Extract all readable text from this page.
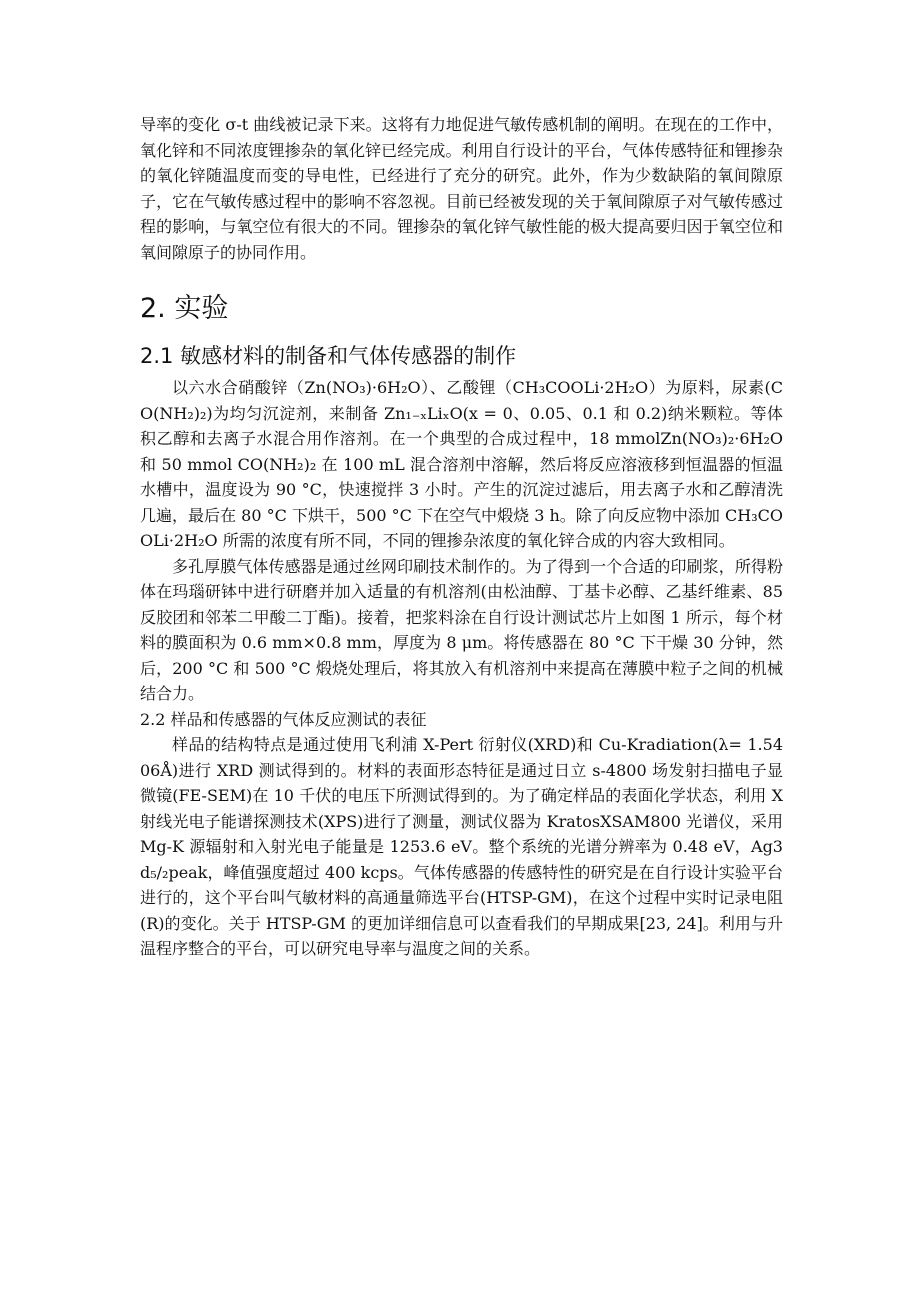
导率的变化 σ-t 曲线被记录下来。这将有力地促进气敏传感机制的阐明。在现在的工作中，氧化锌和不同浓度锂掺杂的氧化锌已经完成。利用自行设计的平台，气体传感特征和锂掺杂的氧化锌随温度而变的导电性，已经进行了充分的研究。此外，作为少数缺陷的氧间隙原子，它在气敏传感过程中的影响不容忽视。目前已经被发现的关于氧间隙原子对气敏传感过程的影响，与氧空位有很大的不同。锂掺杂的氧化锌气敏性能的极大提高要归因于氧空位和氧间隙原子的协同作用。

2. 实验
2.1 敏感材料的制备和气体传感器的制作

以六水合硝酸锌（Zn(NO₃)·6H₂O）、乙酸锂（CH₃COOLi·2H₂O）为原料，尿素(CO(NH₂)₂)为均匀沉淀剂，来制备 Zn₁₋ₓLiₓO(x = 0、0.05、0.1 和 0.2)纳米颗粒。等体积乙醇和去离子水混合用作溶剂。在一个典型的合成过程中，18 mmolZn(NO₃)₂·6H₂O 和 50 mmol CO(NH₂)₂ 在 100 mL 混合溶剂中溶解，然后将反应溶液移到恒温器的恒温水槽中，温度设为 90 °C，快速搅拌 3 小时。产生的沉淀过滤后，用去离子水和乙醇清洗几遍，最后在 80 °C 下烘干，500 °C 下在空气中煅烧 3 h。除了向反应物中添加 CH₃COOLi·2H₂O 所需的浓度有所不同，不同的锂掺杂浓度的氧化锌合成的内容大致相同。

多孔厚膜气体传感器是通过丝网印刷技术制作的。为了得到一个合适的印刷浆，所得粉体在玛瑙研钵中进行研磨并加入适量的有机溶剂(由松油醇、丁基卡必醇、乙基纤维素、85 反胶团和邻苯二甲酸二丁酯)。接着，把浆料涂在自行设计测试芯片上如图 1 所示，每个材料的膜面积为 0.6 mm×0.8 mm，厚度为 8 μm。将传感器在 80 °C 下干燥 30 分钟，然后，200 °C 和 500 °C 煅烧处理后，将其放入有机溶剂中来提高在薄膜中粒子之间的机械结合力。

2.2 样品和传感器的气体反应测试的表征

样品的结构特点是通过使用飞利浦 X-Pert 衍射仪(XRD)和 Cu-Kradiation(λ= 1.5406Å)进行 XRD 测试得到的。材料的表面形态特征是通过日立 s-4800 场发射扫描电子显微镜(FE-SEM)在 10 千伏的电压下所测试得到的。为了确定样品的表面化学状态，利用 X 射线光电子能谱探测技术(XPS)进行了测量，测试仪器为 KratosXSAM800 光谱仪，采用 Mg-K 源辐射和入射光电子能量是 1253.6 eV。整个系统的光谱分辨率为 0.48 eV，Ag3d₅/₂peak，峰值强度超过 400 kcps。气体传感器的传感特性的研究是在自行设计实验平台进行的，这个平台叫气敏材料的高通量筛选平台(HTSP-GM)，在这个过程中实时记录电阻(R)的变化。关于 HTSP-GM 的更加详细信息可以查看我们的早期成果[23, 24]。利用与升温程序整合的平台，可以研究电导率与温度之间的关系。
